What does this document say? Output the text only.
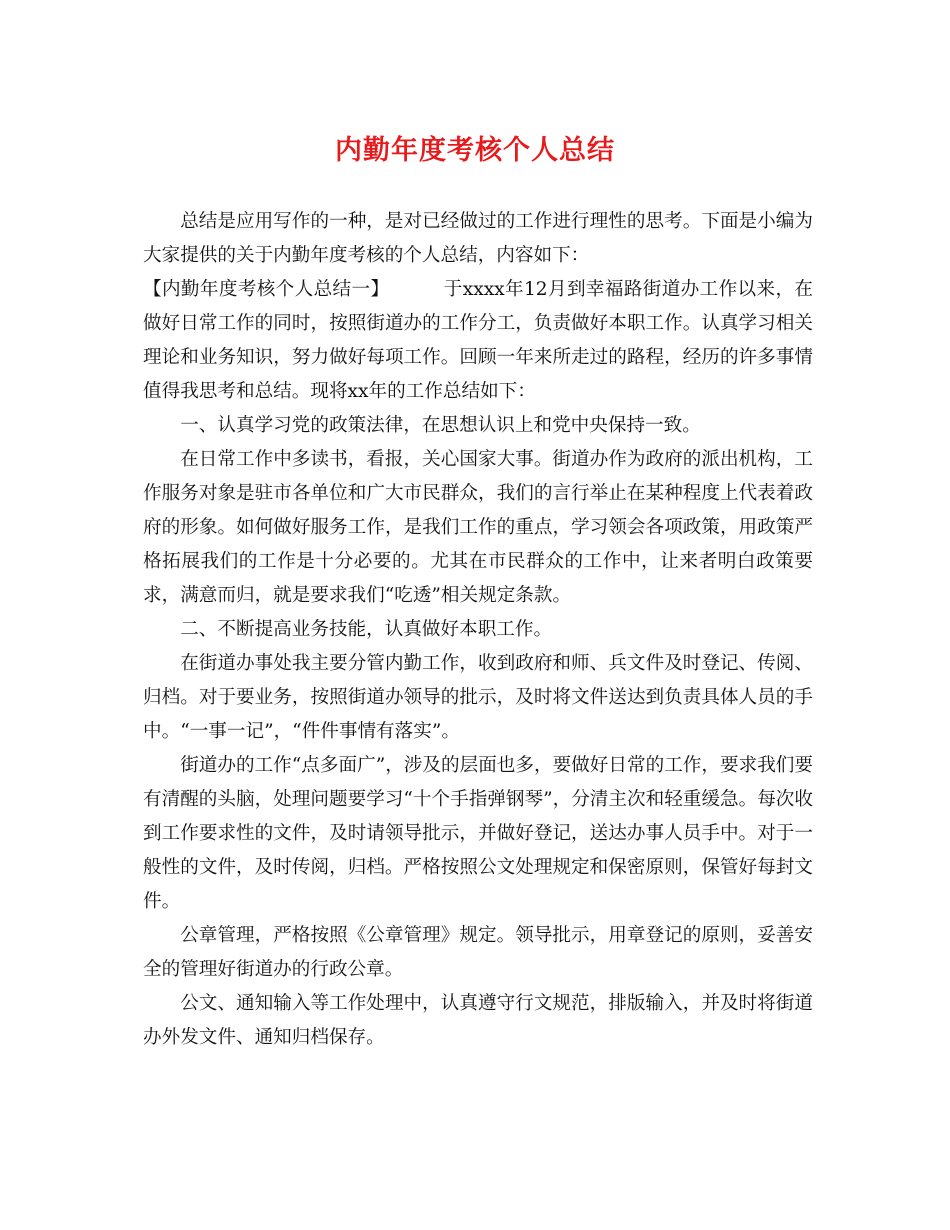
内勤年度考核个人总结

总结是应用写作的一种，是对已经做过的工作进行理性的思考。下面是小编为大家提供的关于内勤年度考核的个人总结，内容如下：

【内勤年度考核个人总结一】	于xxxx年12月到幸福路街道办工作以来，在做好日常工作的同时，按照街道办的工作分工，负责做好本职工作。认真学习相关理论和业务知识，努力做好每项工作。回顾一年来所走过的路程，经历的许多事情值得我思考和总结。现将xx年的工作总结如下：

一、认真学习党的政策法律，在思想认识上和党中央保持一致。

在日常工作中多读书，看报，关心国家大事。街道办作为政府的派出机构，工作服务对象是驻市各单位和广大市民群众，我们的言行举止在某种程度上代表着政府的形象。如何做好服务工作，是我们工作的重点，学习领会各项政策，用政策严格拓展我们的工作是十分必要的。尤其在市民群众的工作中，让来者明白政策要求，满意而归，就是要求我们“吃透”相关规定条款。

二、不断提高业务技能，认真做好本职工作。

在街道办事处我主要分管内勤工作，收到政府和师、兵文件及时登记、传阅、归档。对于要业务，按照街道办领导的批示，及时将文件送达到负责具体人员的手中。“一事一记”，“件件事情有落实”。

街道办的工作“点多面广”，涉及的层面也多，要做好日常的工作，要求我们要有清醒的头脑，处理问题要学习“十个手指弹钢琴”，分清主次和轻重缓急。每次收到工作要求性的文件，及时请领导批示，并做好登记，送达办事人员手中。对于一般性的文件，及时传阅，归档。严格按照公文处理规定和保密原则，保管好每封文件。

公章管理，严格按照《公章管理》规定。领导批示，用章登记的原则，妥善安全的管理好街道办的行政公章。

公文、通知输入等工作处理中，认真遵守行文规范，排版输入，并及时将街道办外发文件、通知归档保存。
